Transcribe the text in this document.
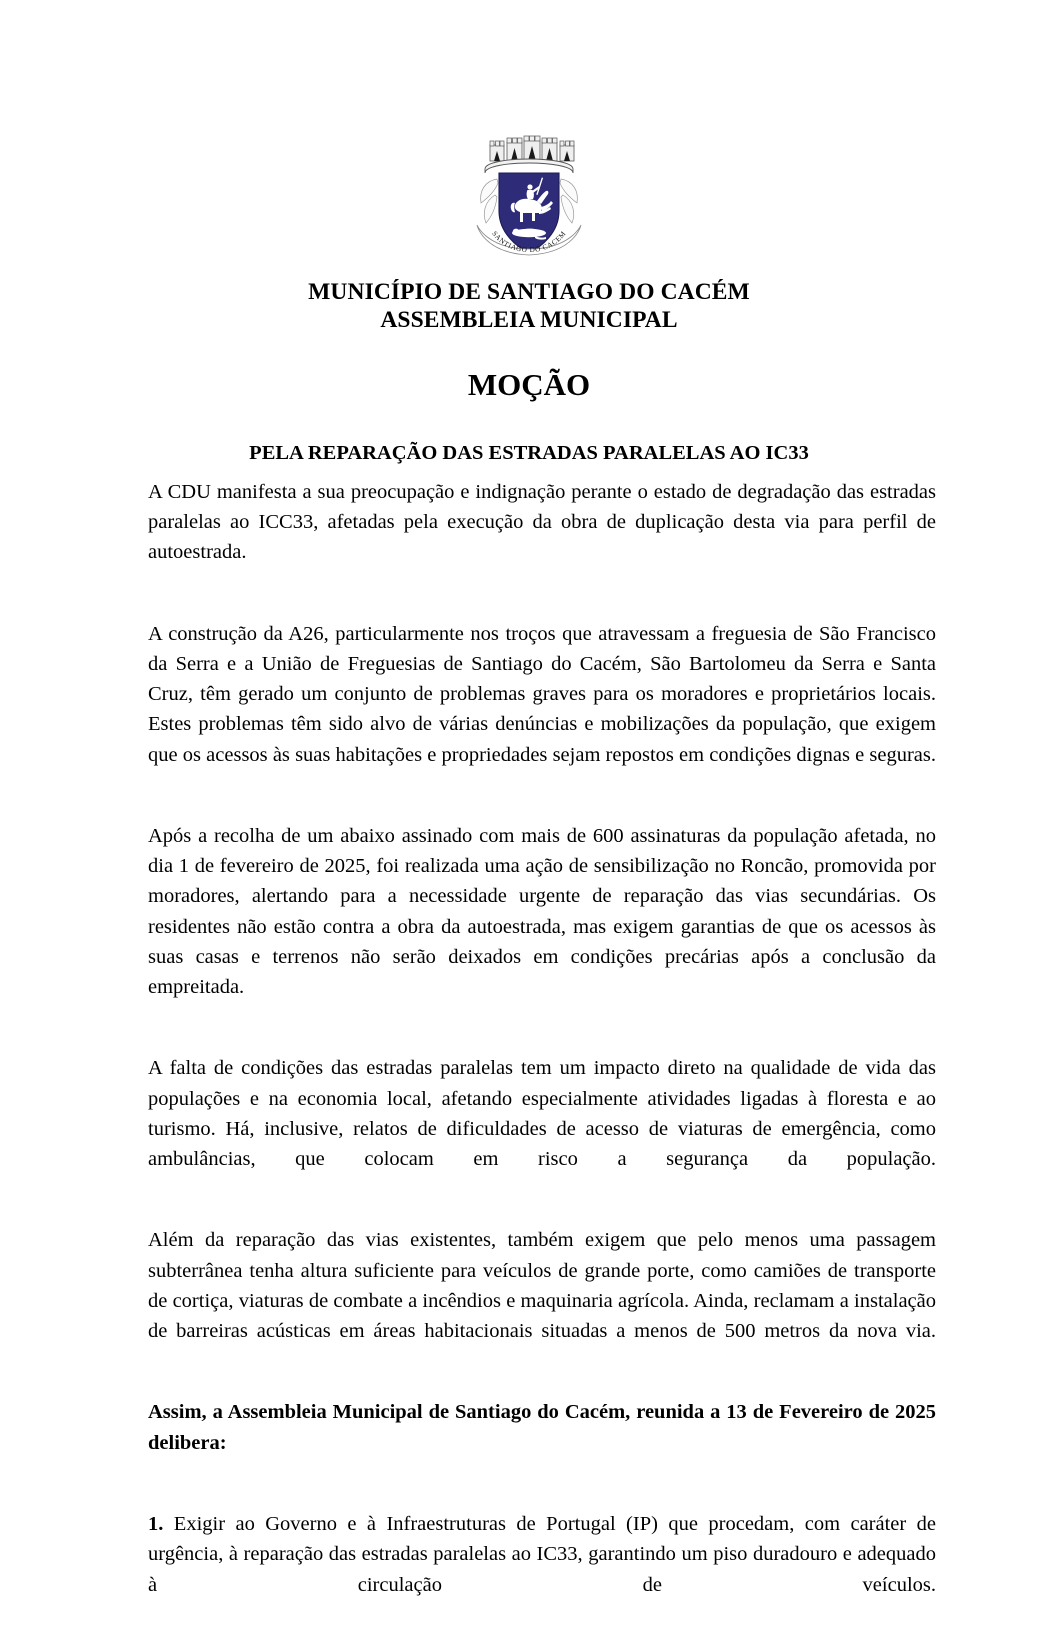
SANTIAGO DO CACEM
MUNICÍPIO DE SANTIAGO DO CACÉM
ASSEMBLEIA MUNICIPAL
MOÇÃO
PELA REPARAÇÃO DAS ESTRADAS PARALELAS AO IC33

A CDU manifesta a sua preocupação e indignação perante o estado de degradação das estradas paralelas ao ICC33, afetadas pela execução da obra de duplicação desta via para perfil de autoestrada.

A construção da A26, particularmente nos troços que atravessam a freguesia de São Francisco da Serra e a União de Freguesias de Santiago do Cacém, São Bartolomeu da Serra e Santa Cruz, têm gerado um conjunto de problemas graves para os moradores e proprietários locais. Estes problemas têm sido alvo de várias denúncias e mobilizações da população, que exigem que os acessos às suas habitações e propriedades sejam repostos em condições dignas e seguras.

Após a recolha de um abaixo assinado com mais de 600 assinaturas da população afetada, no dia 1 de fevereiro de 2025, foi realizada uma ação de sensibilização no Roncão, promovida por moradores, alertando para a necessidade urgente de reparação das vias secundárias. Os residentes não estão contra a obra da autoestrada, mas exigem garantias de que os acessos às suas casas e terrenos não serão deixados em condições precárias após a conclusão da empreitada.

A falta de condições das estradas paralelas tem um impacto direto na qualidade de vida das populações e na economia local, afetando especialmente atividades ligadas à floresta e ao turismo. Há, inclusive, relatos de dificuldades de acesso de viaturas de emergência, como ambulâncias, que colocam em risco a segurança da população.

Além da reparação das vias existentes, também exigem que pelo menos uma passagem subterrânea tenha altura suficiente para veículos de grande porte, como camiões de transporte de cortiça, viaturas de combate a incêndios e maquinaria agrícola. Ainda, reclamam a instalação de barreiras acústicas em áreas habitacionais situadas a menos de 500 metros da nova via.

Assim, a Assembleia Municipal de Santiago do Cacém, reunida a 13 de Fevereiro de 2025 delibera:

1. Exigir ao Governo e à Infraestruturas de Portugal (IP) que procedam, com caráter de urgência, à reparação das estradas paralelas ao IC33, garantindo um piso duradouro e adequado à circulação de veículos.
